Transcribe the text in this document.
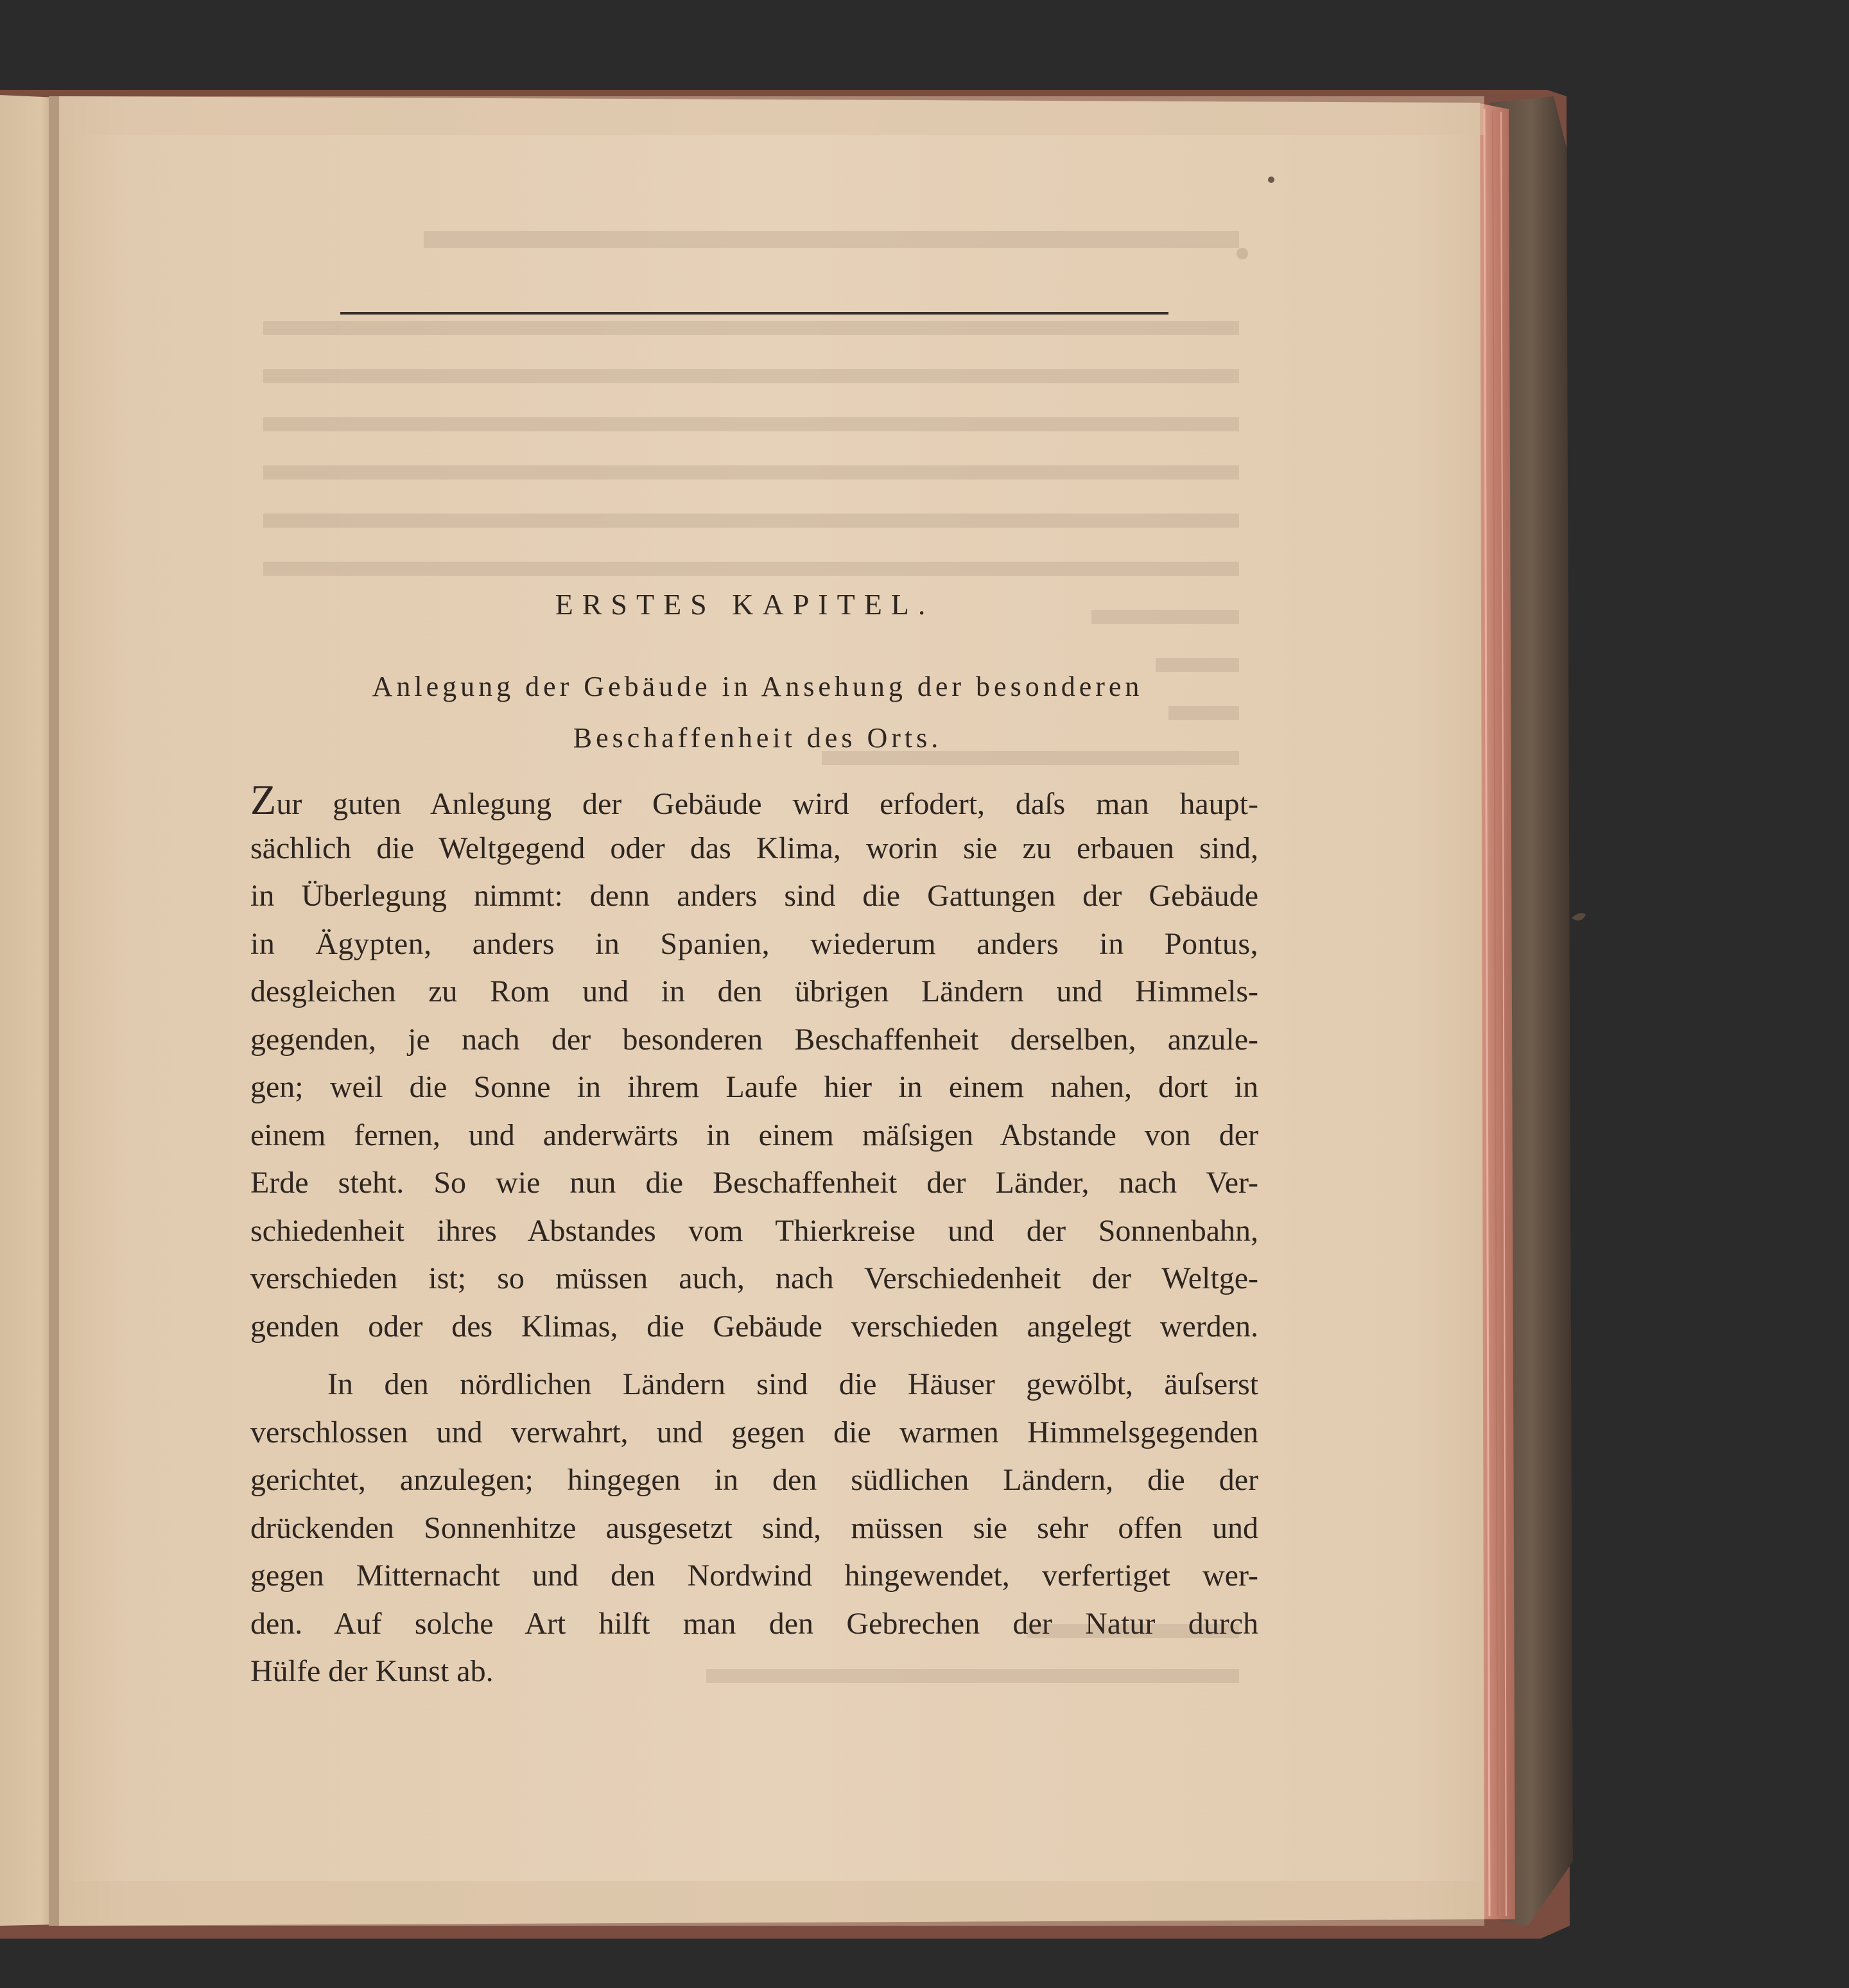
ERSTES KAPITEL.
Anlegung der Gebäude in Ansehung der besonderen
Beschaffenheit des Orts.
Zur guten Anlegung der Gebäude wird erfodert, daſs man haupt-
sächlich die Weltgegend oder das Klima, worin sie zu erbauen sind,
in Überlegung nimmt: denn anders sind die Gattungen der Gebäude
in Ägypten, anders in Spanien, wiederum anders in Pontus,
desgleichen zu Rom und in den übrigen Ländern und Himmels-
gegenden, je nach der besonderen Beschaffenheit derselben, anzule-
gen; weil die Sonne in ihrem Laufe hier in einem nahen, dort in
einem fernen, und anderwärts in einem mäſsigen Abstande von der
Erde steht. So wie nun die Beschaffenheit der Länder, nach Ver-
schiedenheit ihres Abstandes vom Thierkreise und der Sonnenbahn,
verschieden ist; so müssen auch, nach Verschiedenheit der Weltge-
genden oder des Klimas, die Gebäude verschieden angelegt werden.
In den nördlichen Ländern sind die Häuser gewölbt, äuſserst
verschlossen und verwahrt, und gegen die warmen Himmelsgegenden
gerichtet, anzulegen; hingegen in den südlichen Ländern, die der
drückenden Sonnenhitze ausgesetzt sind, müssen sie sehr offen und
gegen Mitternacht und den Nordwind hingewendet, verfertiget wer-
den. Auf solche Art hilft man den Gebrechen der Natur durch
Hülfe der Kunst ab.
